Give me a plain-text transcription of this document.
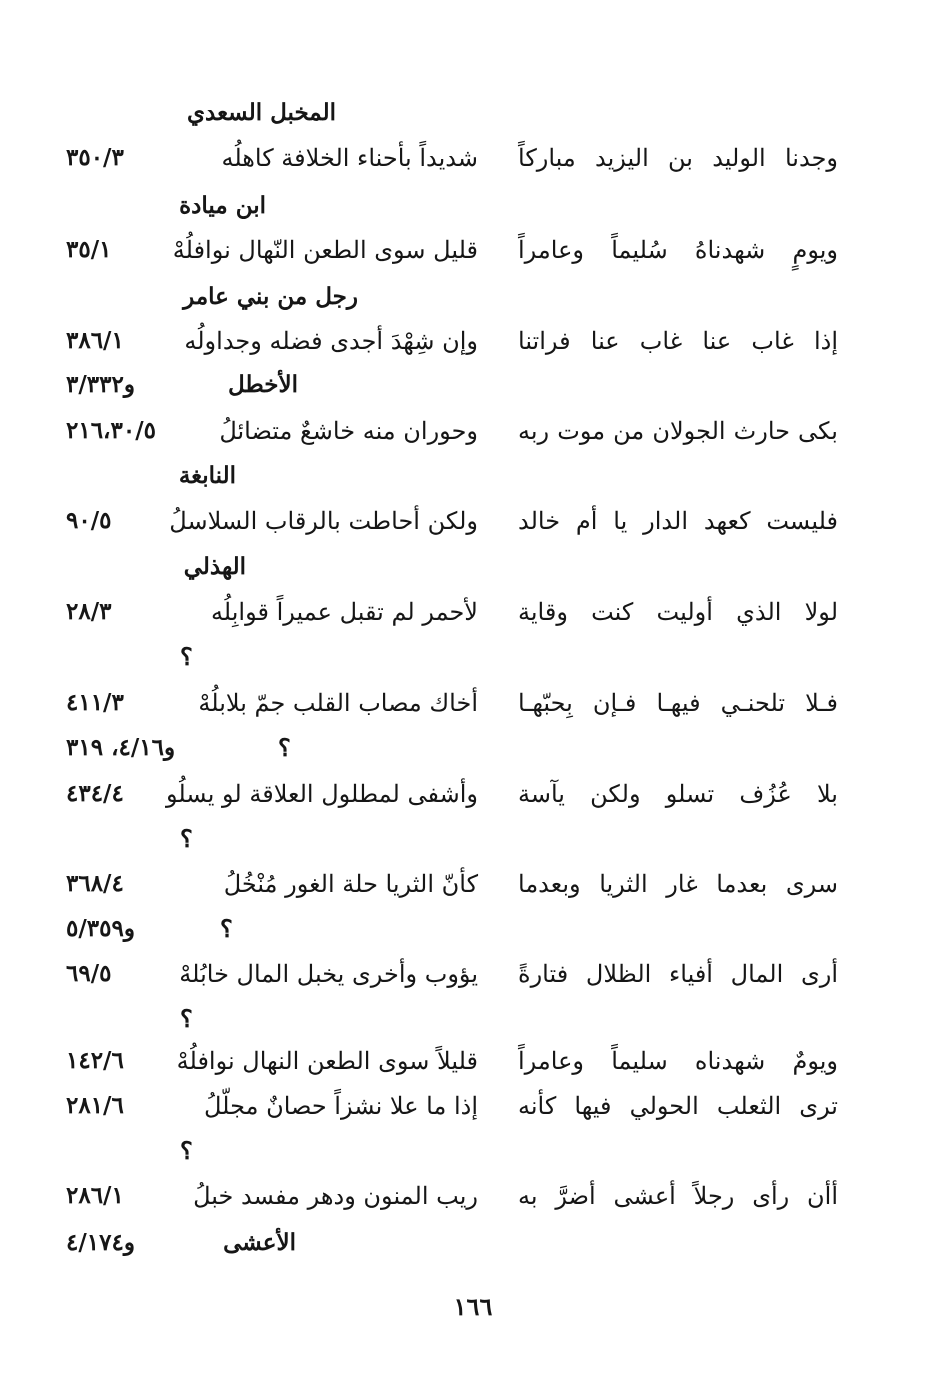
المخبل السعدي
وجدنا الوليد بن اليزيد مباركاً
شديداً بأحناء الخلافة كاهلُه
٣٥٠/٣
ابن ميادة
ويومٍ شهدناهُ سُليماً وعامراً
قليل سوى الطعن النّهال نوافلُهْ
٣٥/١
رجل من بني عامر
إذا غاب عنا غاب عنا فراتنا
وإن شِهْدَ أجدى فضله وجداولُه
٣٨٦/١
الأخطل
و٣/٣٣٢
بكى حارث الجولان من موت ربه
وحوران منه خاشعٌ متضائلُ
٢١٦،٣٠/٥
النابغة
فليست كعهد الدار يا أم خالد
ولكن أحاطت بالرقاب السلاسلُ
٩٠/٥
الهذلي
لولا الذي أوليت كنت وقاية
لأحمر لم تقبل عميراً قوابِلُه
٢٨/٣
؟
فـلا تلحنـي فيهـا فـإن بِحبّهـا
أخاك مصاب القلب جمّ بلابلُهْ
٤١١/٣
؟
و٤/١٦، ٣١٩
بلا عُزُف تسلو ولكن يآسة
وأشفى لمطلول العلاقة لو يسلُو
٤٣٤/٤
؟
سرى بعدما غار الثريا وبعدما
كأنّ الثريا حلة الغور مُنْخُلُ
٣٦٨/٤
؟
و٥/٣٥٩
أرى المال أفياء الظلال فتارةً
يؤوب وأخرى يخبل المال خابُلهْ
٦٩/٥
؟
ويومٌ شهدناه سليماً وعامراً
قليلاً سوى الطعن النهال نوافلُهْ
١٤٢/٦
ترى الثعلب الحولي فيها كأنه
إذا ما علا نشزاً حصانٌ مجلّلُ
٢٨١/٦
؟
أأن رأى رجلاً أعشى أضرَّ به
ريب المنون ودهر مفسد خبلُ
٢٨٦/١
الأعشى
و٤/١٧٤
١٦٦
